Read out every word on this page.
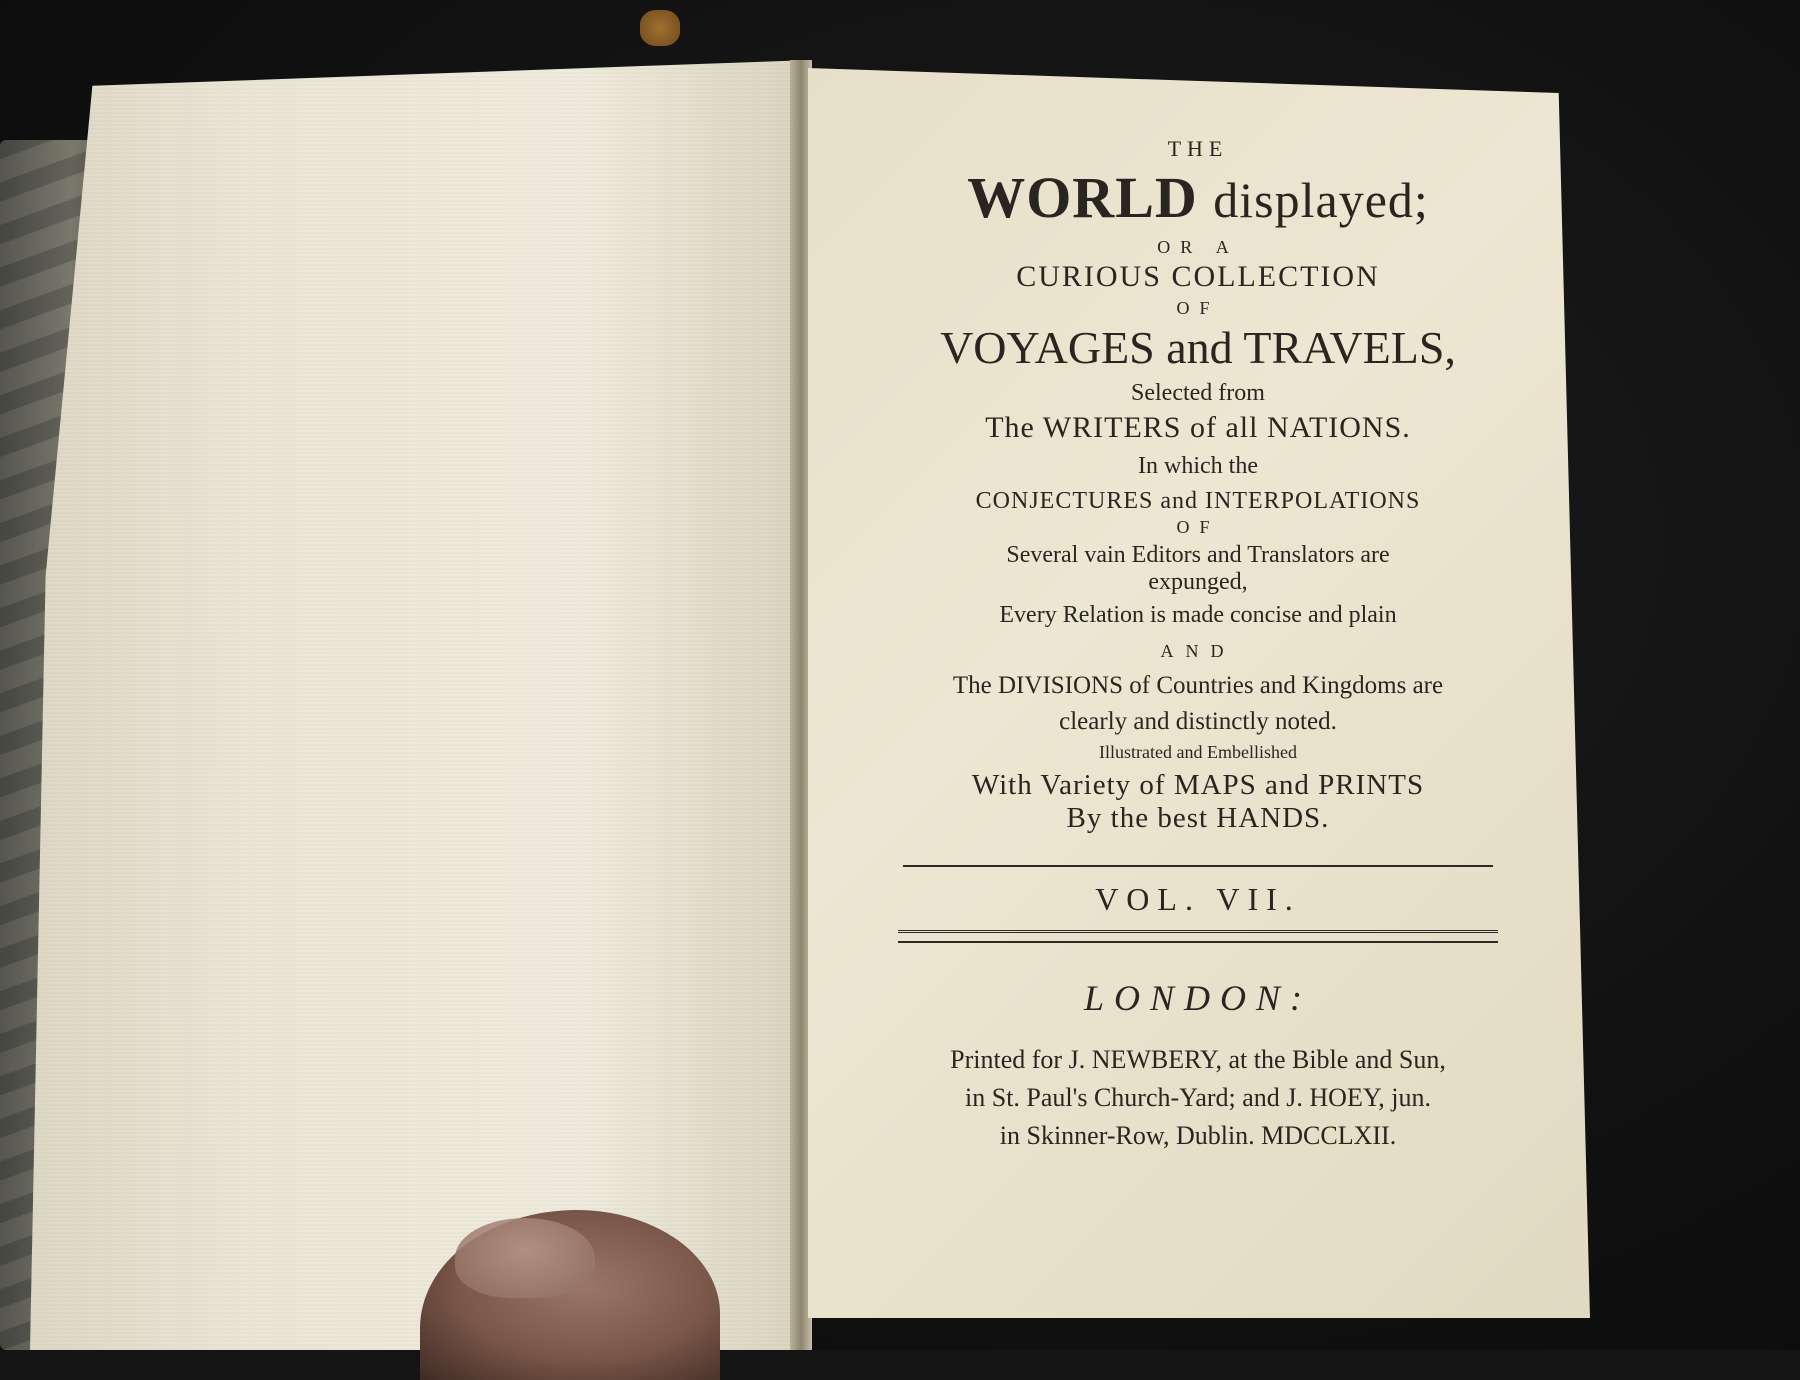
THE
WORLD displayed;
OR A
CURIOUS COLLECTION
OF
VOYAGES and TRAVELS,
Selected from
The WRITERS of all NATIONS.
In which the
CONJECTURES and INTERPOLATIONS
OF
Several vain Editors and Translators are
expunged,
Every Relation is made concise and plain
AND
The DIVISIONS of Countries and Kingdoms are
clearly and distinctly noted.
Illustrated and Embellished
With Variety of MAPS and PRINTS
By the best HANDS.
VOL. VII.
LONDON:
Printed for J. NEWBERY, at the Bible and Sun,
in St. Paul's Church-Yard; and J. HOEY, jun.
in Skinner-Row, Dublin. MDCCLXII.
